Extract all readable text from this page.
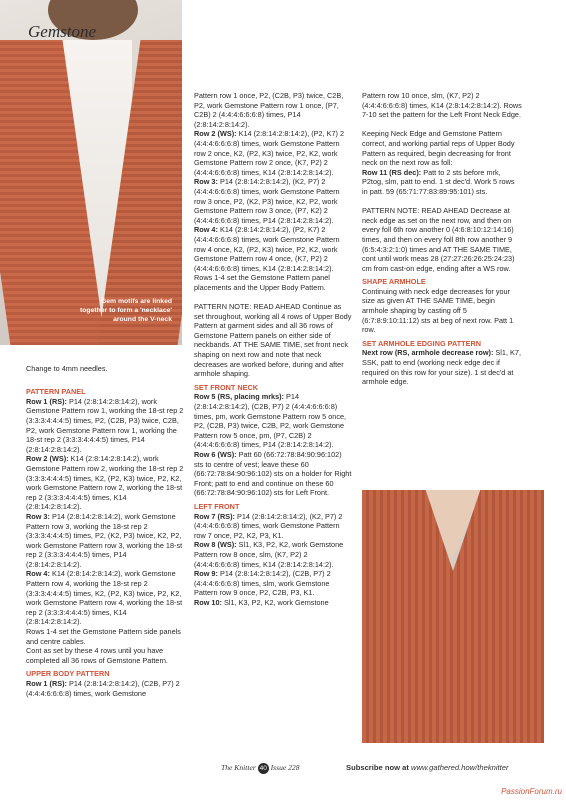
Gemstone
Gem motifs are linked together to form a 'necklace' around the V-neck

Change to 4mm needles.

PATTERN PANEL

Row 1 (RS): P14 (2:8:14:2:8:14:2), work Gemstone Pattern row 1, working the 18-st rep 2 (3:3:3:4:4:4:5) times, P2, (C2B, P3) twice, C2B, P2, work Gemstone Pattern row 1, working the 18-st rep 2 (3:3:3:4:4:4:5) times, P14 (2:8:14:2:8:14:2).

Row 2 (WS): K14 (2:8:14:2:8:14:2), work Gemstone Pattern row 2, working the 18-st rep 2 (3:3:3:4:4:4:5) times, K2, (P2, K3) twice, P2, K2, work Gemstone Pattern row 2, working the 18-st rep 2 (3:3:3:4:4:4:5) times, K14 (2:8:14:2:8:14:2).

Row 3: P14 (2:8:14:2:8:14:2), work Gemstone Pattern row 3, working the 18-st rep 2 (3:3:3:4:4:4:5) times, P2, (K2, P3) twice, K2, P2, work Gemstone Pattern row 3, working the 18-st rep 2 (3:3:3:4:4:4:5) times, P14 (2:8:14:2:8:14:2).

Row 4: K14 (2:8:14:2:8:14:2), work Gemstone Pattern row 4, working the 18-st rep 2 (3:3:3:4:4:4:5) times, K2, (P2, K3) twice, P2, K2, work Gemstone Pattern row 4, working the 18-st rep 2 (3:3:3:4:4:4:5) times, K14 (2:8:14:2:8:14:2).

Rows 1-4 set the Gemstone Pattern side panels and centre cables.

Cont as set by these 4 rows until you have completed all 36 rows of Gemstone Pattern.

UPPER BODY PATTERN

Row 1 (RS): P14 (2:8:14:2:8:14:2), (C2B, P7) 2 (4:4:4:6:6:6:8) times, work Gemstone

Pattern row 1 once, P2, (C2B, P3) twice, C2B, P2, work Gemstone Pattern row 1 once, (P7, C2B) 2 (4:4:4:6:6:6:8) times, P14 (2:8:14:2:8:14:2).

Row 2 (WS): K14 (2:8:14:2:8:14:2), (P2, K7) 2 (4:4:4:6:6:6:8) times, work Gemstone Pattern row 2 once, K2, (P2, K3) twice, P2, K2, work Gemstone Pattern row 2 once, (K7, P2) 2 (4:4:4:6:6:6:8) times, K14 (2:8:14:2:8:14:2).

Row 3: P14 (2:8:14:2:8:14:2), (K2, P7) 2 (4:4:4:6:6:6:8) times, work Gemstone Pattern row 3 once, P2, (K2, P3) twice, K2, P2, work Gemstone Pattern row 3 once, (P7, K2) 2 (4:4:4:6:6:6:8) times, P14 (2:8:14:2:8:14:2).

Row 4: K14 (2:8:14:2:8:14:2), (P2, K7) 2 (4:4:4:6:6:6:8) times, work Gemstone Pattern row 4 once, K2, (P2, K3) twice, P2, K2, work Gemstone Pattern row 4 once, (K7, P2) 2 (4:4:4:6:6:6:8) times, K14 (2:8:14:2:8:14:2).

Rows 1-4 set the Gemstone Pattern panel placements and the Upper Body Pattern.

PATTERN NOTE: READ AHEAD Continue as set throughout, working all 4 rows of Upper Body Pattern at garment sides and all 36 rows of Gemstone Pattern panels on either side of neckbands. AT THE SAME TIME, set front neck shaping on next row and note that neck decreases are worked before, during and after armhole shaping.

SET FRONT NECK

Row 5 (RS, placing mrks): P14 (2:8:14:2:8:14:2), (C2B, P7) 2 (4:4:4:6:6:6:8) times, pm, work Gemstone Pattern row 5 once, P2, (C2B, P3) twice, C2B, P2, work Gemstone Pattern row 5 once, pm, (P7, C2B) 2 (4:4:4:6:6:6:8) times, P14 (2:8:14:2:8:14:2).

Row 6 (WS): Patt 60 (66:72:78:84:90:96:102) sts to centre of vest; leave these 60 (66:72:78:84:90:96:102) sts on a holder for Right Front; patt to end and continue on these 60 (66:72:78:84:90:96:102) sts for Left Front.

LEFT FRONT

Row 7 (RS): P14 (2:8:14:2:8:14:2), (K2, P7) 2 (4:4:4:6:6:6:8) times, work Gemstone Pattern row 7 once, P2, K2, P3, K1.

Row 8 (WS): Sl1, K3, P2, K2, work Gemstone Pattern row 8 once, slm, (K7, P2) 2 (4:4:4:6:6:6:8) times, K14 (2:8:14:2:8:14:2).

Row 9: P14 (2:8:14:2:8:14:2), (C2B, P7) 2 (4:4:4:6:6:6:8) times, slm, work Gemstone Pattern row 9 once, P2, C2B, P3, K1.

Row 10: Sl1, K3, P2, K2, work Gemstone

Pattern row 10 once, slm, (K7, P2) 2 (4:4:4:6:6:6:8) times, K14 (2:8:14:2:8:14:2). Rows 7-10 set the pattern for the Left Front Neck Edge.

Keeping Neck Edge and Gemstone Pattern correct, and working partial reps of Upper Body Pattern as required, begin decreasing for front neck on the next row as foll:

Row 11 (RS dec): Patt to 2 sts before mrk, P2tog, slm, patt to end. 1 st dec'd. Work 5 rows in patt. 59 (65:71:77:83:89:95:101) sts.

PATTERN NOTE: READ AHEAD Decrease at neck edge as set on the next row, and then on every foll 6th row another 0 (4:6:8:10:12:14:16) times, and then on every foll 8th row another 9 (6:5:4:3:2:1:0) times and AT THE SAME TIME, cont until work meas 28 (27:27:26:26:25:24:23) cm from cast-on edge, ending after a WS row.

SHAPE ARMHOLE

Continuing with neck edge decreases for your size as given AT THE SAME TIME, begin armhole shaping by casting off 5 (6:7:8:9:10:11:12) sts at beg of next row. Patt 1 row.

SET ARMHOLE EDGING PATTERN

Next row (RS, armhole decrease row): Sl1, K7, SSK, patt to end (working neck edge dec if required on this row for your size). 1 st dec'd at armhole edge.

The Knitter 40 Issue 228	Subscribe now at www.gathered.how/theknitter
PassionForum.ru
